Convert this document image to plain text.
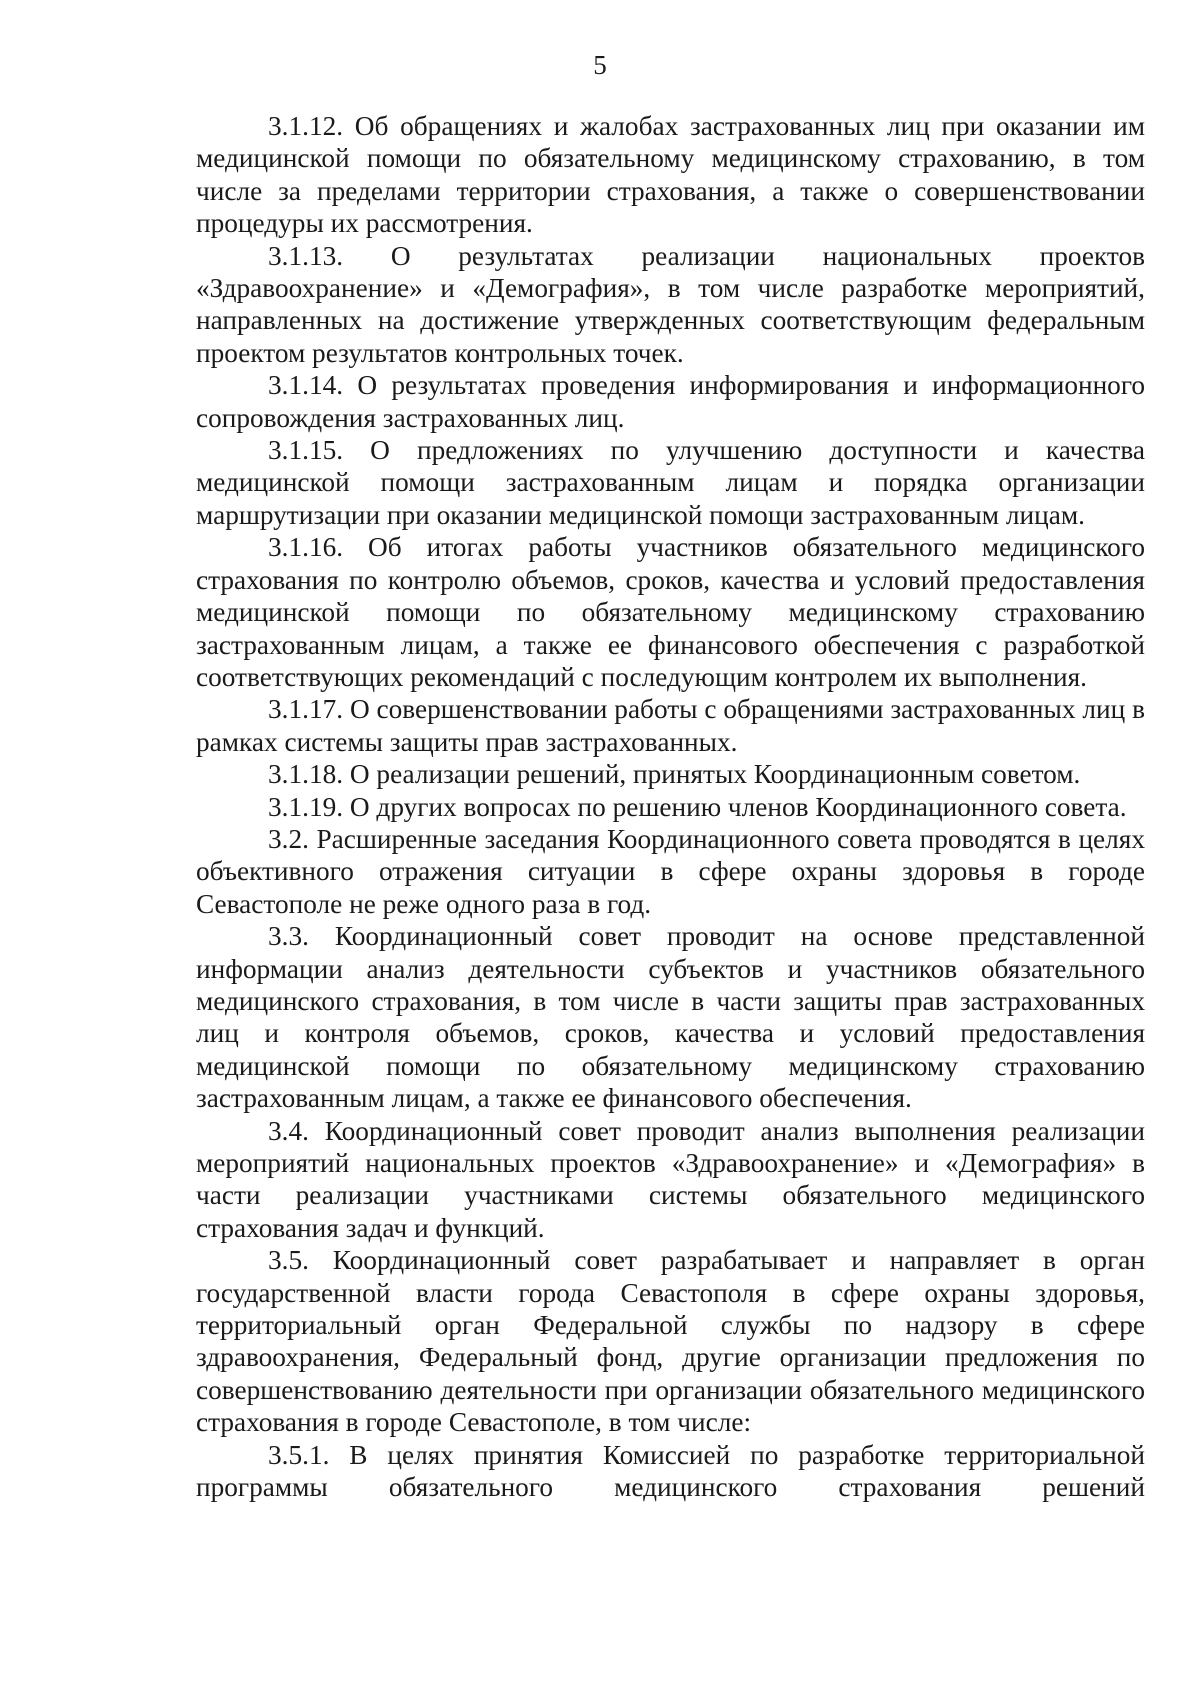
5

3.1.12. Об обращениях и жалобах застрахованных лиц при оказании им медицинской помощи по обязательному медицинскому страхованию, в том числе за пределами территории страхования, а также о совершенствовании процедуры их рассмотрения.

3.1.13. О результатах реализации национальных проектов «Здравоохранение» и «Демография», в том числе разработке мероприятий, направленных на достижение утвержденных соответствующим федеральным проектом результатов контрольных точек.

3.1.14. О результатах проведения информирования и информационного сопровождения застрахованных лиц.

3.1.15. О предложениях по улучшению доступности и качества медицинской помощи застрахованным лицам и порядка организации маршрутизации при оказании медицинской помощи застрахованным лицам.

3.1.16. Об итогах работы участников обязательного медицинского страхования по контролю объемов, сроков, качества и условий предоставления медицинской помощи по обязательному медицинскому страхованию застрахованным лицам, а также ее финансового обеспечения с разработкой соответствующих рекомендаций с последующим контролем их выполнения.

3.1.17. О совершенствовании работы с обращениями застрахованных лиц в рамках системы защиты прав застрахованных.

3.1.18. О реализации решений, принятых Координационным советом.

3.1.19. О других вопросах по решению членов Координационного совета.

3.2. Расширенные заседания Координационного совета проводятся в целях объективного отражения ситуации в сфере охраны здоровья в городе Севастополе не реже одного раза в год.

3.3. Координационный совет проводит на основе представленной информации анализ деятельности субъектов и участников обязательного медицинского страхования, в том числе в части защиты прав застрахованных лиц и контроля объемов, сроков, качества и условий предоставления медицинской помощи по обязательному медицинскому страхованию застрахованным лицам, а также ее финансового обеспечения.

3.4. Координационный совет проводит анализ выполнения реализации мероприятий национальных проектов «Здравоохранение» и «Демография» в части реализации участниками системы обязательного медицинского страхования задач и функций.

3.5. Координационный совет разрабатывает и направляет в орган государственной власти города Севастополя в сфере охраны здоровья, территориальный орган Федеральной службы по надзору в сфере здравоохранения, Федеральный фонд, другие организации предложения по совершенствованию деятельности при организации обязательного медицинского страхования в городе Севастополе, в том числе:

3.5.1. В целях принятия Комиссией по разработке территориальной программы обязательного медицинского страхования решений
